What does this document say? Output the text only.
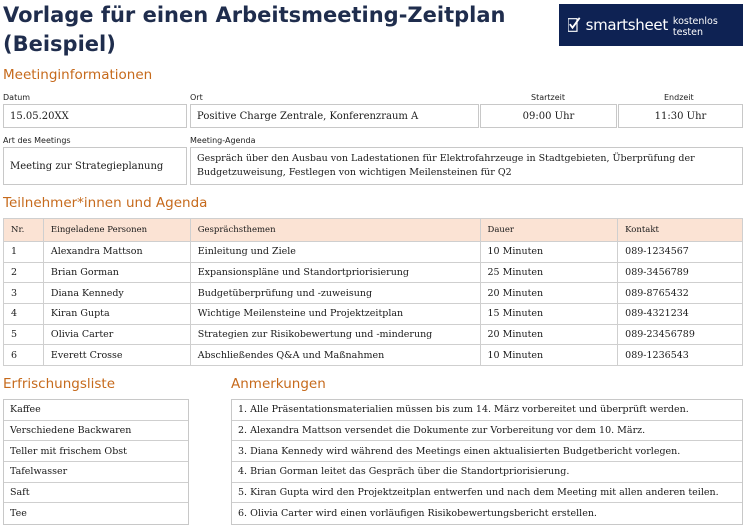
Vorlage für einen Arbeitsmeeting-Zeitplan (Beispiel)
smartsheet kostenlos testen
Meetinginformationen
Datum	Ort	Startzeit	Endzeit
15.05.20XX	Positive Charge Zentrale, Konferenzraum A	09:00 Uhr	11:30 Uhr
Art des Meetings	Meeting-Agenda
Meeting zur Strategieplanung
Gespräch über den Ausbau von Ladestationen für Elektrofahrzeuge in Stadtgebieten, Überprüfung der Budgetzuweisung, Festlegen von wichtigen Meilensteinen für Q2
Teilnehmer*innen und Agenda
Nr.	Eingeladene Personen	Gesprächsthemen	Dauer	Kontakt
1	Alexandra Mattson	Einleitung und Ziele	10 Minuten	089-1234567
2	Brian Gorman	Expansionspläne und Standortpriorisierung	25 Minuten	089-3456789
3	Diana Kennedy	Budgetüberprüfung und -zuweisung	20 Minuten	089-8765432
4	Kiran Gupta	Wichtige Meilensteine und Projektzeitplan	15 Minuten	089-4321234
5	Olivia Carter	Strategien zur Risikobewertung und -minderung	20 Minuten	089-23456789
6	Everett Crosse	Abschließendes Q&A und Maßnahmen	10 Minuten	089-1236543
Erfrischungsliste
Kaffee
Verschiedene Backwaren
Teller mit frischem Obst
Tafelwasser
Saft
Tee
Anmerkungen
1. Alle Präsentationsmaterialien müssen bis zum 14. März vorbereitet und überprüft werden.
2. Alexandra Mattson versendet die Dokumente zur Vorbereitung vor dem 10. März.
3. Diana Kennedy wird während des Meetings einen aktualisierten Budgetbericht vorlegen.
4. Brian Gorman leitet das Gespräch über die Standortpriorisierung.
5. Kiran Gupta wird den Projektzeitplan entwerfen und nach dem Meeting mit allen anderen teilen.
6. Olivia Carter wird einen vorläufigen Risikobewertungsbericht erstellen.
